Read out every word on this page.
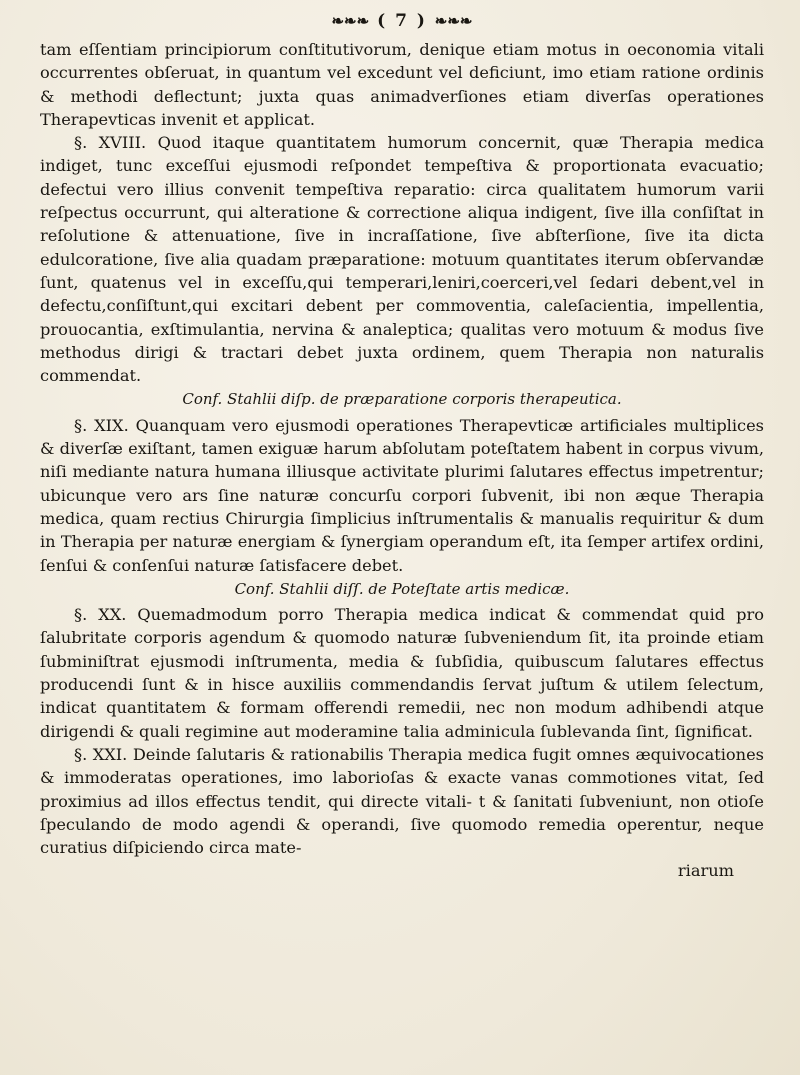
❧❧❧ ( 7 ) ❧❧❧

tam eſſentiam principiorum conſtitutivorum, denique etiam motus in oeconomia vitali occurrentes obſeruat, in quantum vel excedunt vel deficiunt, imo etiam ratione ordinis & methodi deflectunt; juxta quas animadverſiones etiam diverſas operationes Therapevticas invenit et applicat.

§. XVIII. Quod itaque quantitatem humorum concernit, quæ Therapia medica indiget, tunc exceſſui ejusmodi reſpondet tempeſtiva & proportionata evacuatio; defectui vero illius convenit tempeſtiva reparatio: circa qualitatem humorum varii reſpectus occurrunt, qui alteratione & correctione aliqua indigent, ſive illa conſiſtat in reſolutione & attenuatione, ſive in incraſſatione, ſive abſterſione, ſive ita dicta edulcoratione, ſive alia quadam præparatione: motuum quantitates iterum obſervandæ ſunt, quatenus vel in exceſſu,qui temperari,leniri,coerceri,vel ſedari debent,vel in defectu,conſiſtunt,qui excitari debent per commoventia, caleſacientia, impellentia, prouocantia, exſtimulantia, nervina & analeptica; qualitas vero motuum & modus ſive methodus dirigi & tractari debet juxta ordinem, quem Therapia non naturalis commendat.

Conf. Stahlii diſp. de præparatione corporis therapeutica.

§. XIX. Quanquam vero ejusmodi operationes Therapevticæ artificiales multiplices & diverſæ exiſtant, tamen exiguæ harum abſolutam poteſtatem habent in corpus vivum, niſi mediante natura humana illiusque activitate plurimi ſalutares effectus impetrentur; ubicunque vero ars ſine naturæ concurſu corpori ſubvenit, ibi non æque Therapia medica, quam rectius Chirurgia ſimplicius inſtrumentalis & manualis requiritur & dum in Therapia per naturæ energiam & ſynergiam operandum eſt, ita ſemper artifex ordini, ſenſui & conſenſui naturæ ſatisfacere debet.

Conf. Stahlii diſſ. de Poteſtate artis medicæ.

§. XX. Quemadmodum porro Therapia medica indicat & commendat quid pro ſalubritate corporis agendum & quomodo naturæ ſubveniendum ſit, ita proinde etiam ſubminiſtrat ejusmodi inſtrumenta, media & ſubſidia, quibuscum ſalutares effectus producendi ſunt & in hisce auxiliis commendandis ſervat juſtum & utilem ſelectum, indicat quantitatem & formam offerendi remedii, nec non modum adhibendi atque dirigendi & quali regimine aut moderamine talia adminicula ſublevanda ſint, ſignificat.

§. XXI. Deinde ſalutaris & rationabilis Therapia medica fugit omnes æquivocationes & immoderatas operationes, imo laborioſas & exacte vanas commotiones vitat, ſed proximius ad illos effectus tendit, qui directe vitali- t & ſanitati ſubveniunt, non otioſe ſpeculando de modo agendi & operandi, ſive quomodo remedia operentur, neque curatius diſpiciendo circa mate-

riarum
